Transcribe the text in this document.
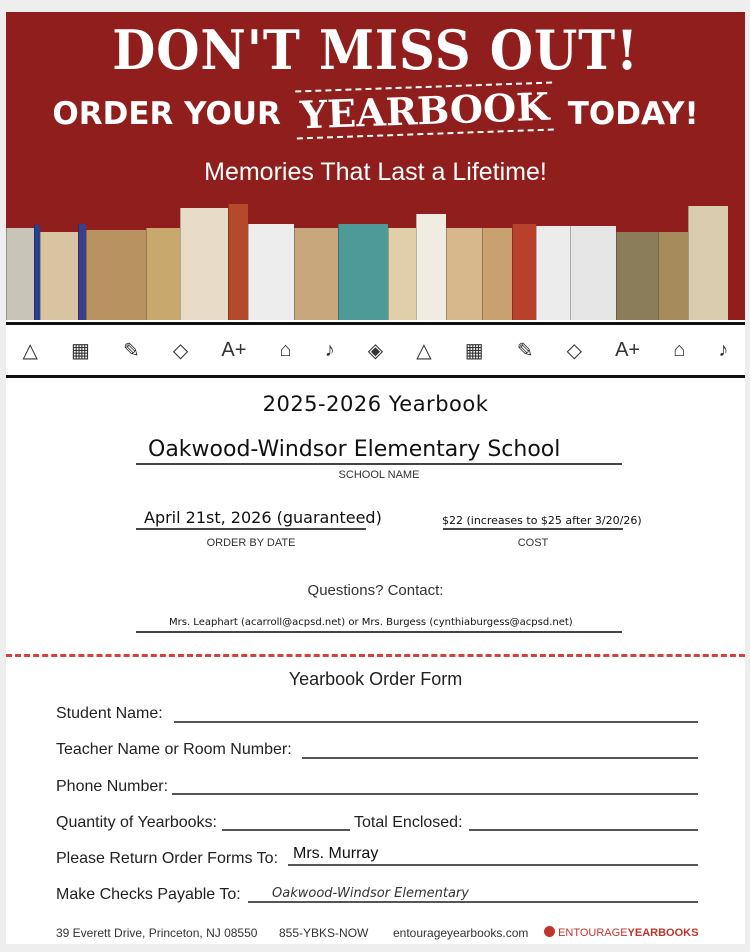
DON'T MISS OUT!
ORDER YOUR YEARBOOK TODAY!
Memories That Last a Lifetime!
△ ▦ ✎ ◇ A+ ⌂ ♪ ◈ △ ▦ ✎ ◇ A+ ⌂ ♪
2025-2026 Yearbook
Oakwood-Windsor Elementary School
SCHOOL NAME
April 21st, 2026 (guaranteed)
ORDER BY DATE
$22 (increases to $25 after 3/20/26)
COST
Questions? Contact:
Mrs. Leaphart (acarroll@acpsd.net) or Mrs. Burgess (cynthiaburgess@acpsd.net)
Yearbook Order Form
Student Name:
Teacher Name or Room Number:
Phone Number:
Quantity of Yearbooks:	Total Enclosed:
Please Return Order Forms To: Mrs. Murray
Make Checks Payable To: Oakwood-Windsor Elementary
39 Everett Drive, Princeton, NJ 08550 855-YBKS-NOW entourageyearbooks.com	ENTOURAGEYEARBOOKS
